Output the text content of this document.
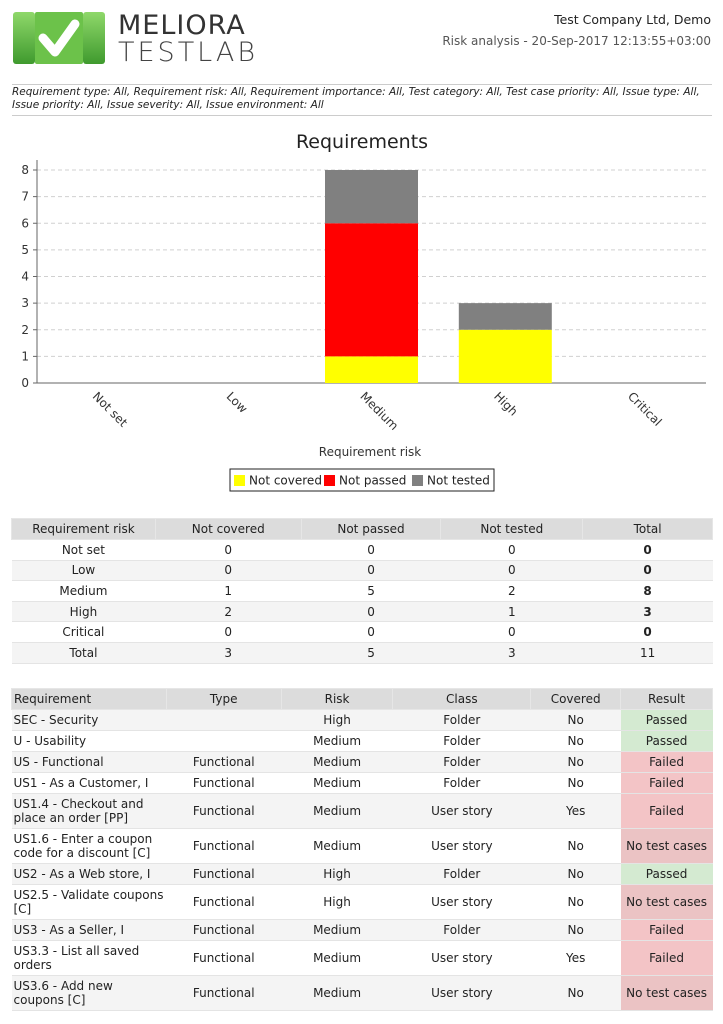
MELIORA
TESTLAB
Test Company Ltd, Demo
Risk analysis - 20-Sep-2017 12:13:55+03:00
Requirement type: All, Requirement risk: All, Requirement importance: All, Test category: All, Test case priority: All, Issue type: All, Issue priority: All, Issue severity: All, Issue environment: All
Requirements
0
1
2
3
4
5
6
7
8
Not set	Low	Medium	High	Critical
Requirement risk
Not covered Not passed Not tested
Requirement risk	Not covered	Not passed	Not tested	Total
Not set	0	0	0	0
Low	0	0	0	0
Medium	1	5	2	8
High	2	0	1	3
Critical	0	0	0	0
Total	3	5	3	11
Requirement	Type	Risk	Class	Covered	Result
SEC - Security		High	Folder	No	Passed
U - Usability		Medium	Folder	No	Passed
US - Functional	Functional	Medium	Folder	No	Failed
US1 - As a Customer, I	Functional	Medium	Folder	No	Failed
US1.4 - Checkout and place an order [PP]	Functional	Medium	User story	Yes	Failed
US1.6 - Enter a coupon code for a discount [C]	Functional	Medium	User story	No	No test cases
US2 - As a Web store, I	Functional	High	Folder	No	Passed
US2.5 - Validate coupons [C]	Functional	High	User story	No	No test cases
US3 - As a Seller, I	Functional	Medium	Folder	No	Failed
US3.3 - List all saved orders	Functional	Medium	User story	Yes	Failed
US3.6 - Add new coupons [C]	Functional	Medium	User story	No	No test cases
